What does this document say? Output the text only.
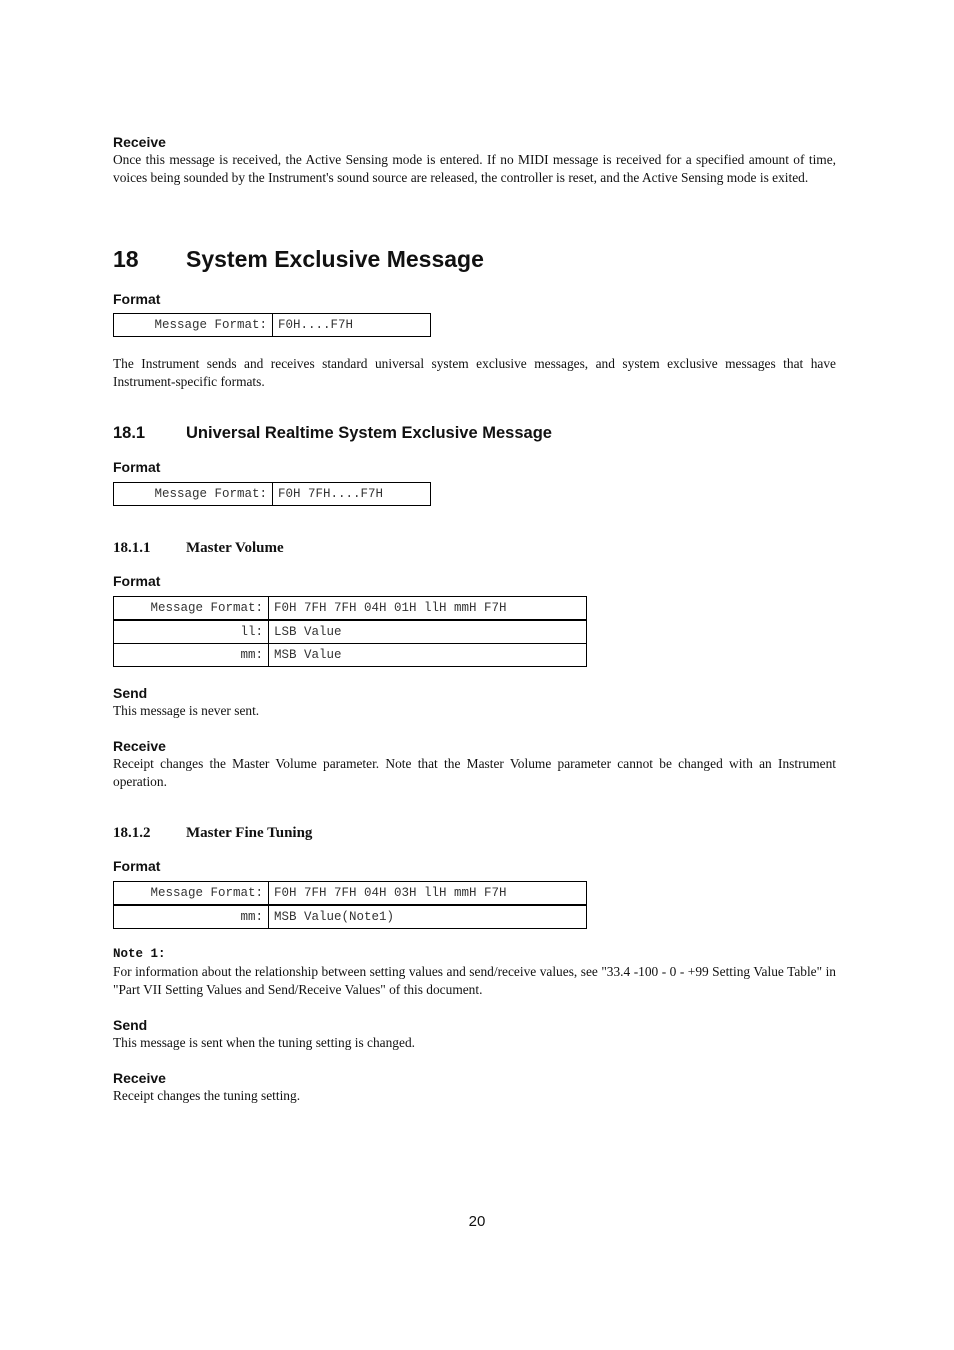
Receive
Once this message is received, the Active Sensing mode is entered. If no MIDI message is received for a specified amount of time, voices being sounded by the Instrument's sound source are released, the controller is reset, and the Active Sensing mode is exited.
18 System Exclusive Message
Format
Message Format:	F0H....F7H
The Instrument sends and receives standard universal system exclusive messages, and system exclusive messages that have Instrument-specific formats.
18.1 Universal Realtime System Exclusive Message
Format
Message Format:	F0H 7FH....F7H
18.1.1 Master Volume
Format
Message Format:	F0H 7FH 7FH 04H 01H llH mmH F7H
ll:	LSB Value
mm:	MSB Value
Send
This message is never sent.
Receive
Receipt changes the Master Volume parameter. Note that the Master Volume parameter cannot be changed with an Instrument operation.
18.1.2 Master Fine Tuning
Format
Message Format:	F0H 7FH 7FH 04H 03H llH mmH F7H
mm:	MSB Value(Note1)
Note 1:
For information about the relationship between setting values and send/receive values, see "33.4 -100 - 0 - +99 Setting Value Table" in "Part VII Setting Values and Send/Receive Values" of this document.
Send
This message is sent when the tuning setting is changed.
Receive
Receipt changes the tuning setting.
20
